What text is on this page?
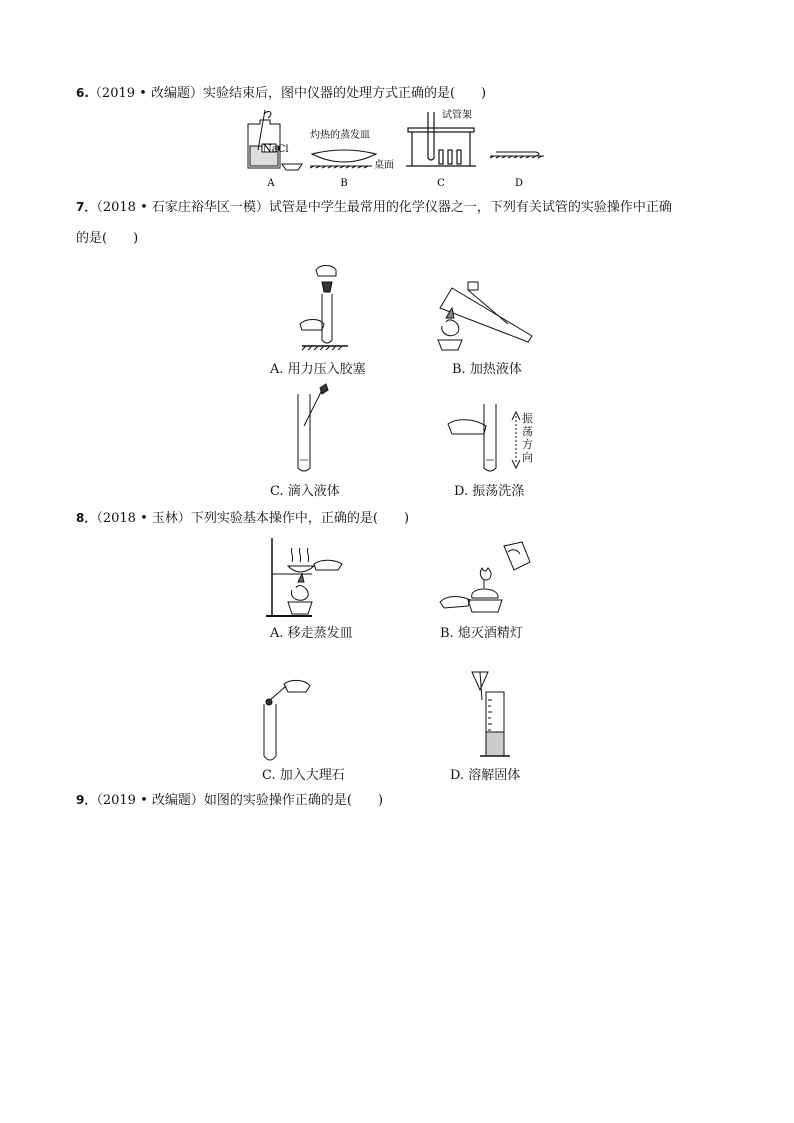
6.（2019 • 改编题）实验结束后，图中仪器的处理方式正确的是(　　)
NaCl
灼热的蒸发皿
桌面
试管架
A	B	C	D
7．（2018 • 石家庄裕华区一模）试管是中学生最常用的化学仪器之一，下列有关试管的实验操作中正确
的是(　　)
A. 用力压入胶塞	B. 加热液体
C. 滴入液体
振
荡
方
向
D. 振荡洗涤
8．（2018 • 玉林）下列实验基本操作中，正确的是(　　)
A. 移走蒸发皿	B. 熄灭酒精灯
C. 加入大理石	D. 溶解固体
9．（2019 • 改编题）如图的实验操作正确的是(　　)
